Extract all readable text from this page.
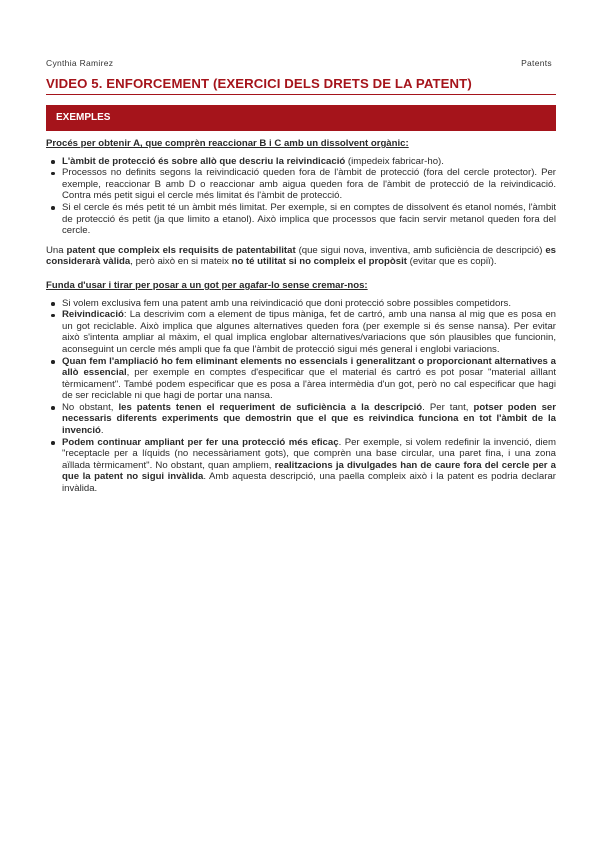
Cynthia Ramirez	Patents
VIDEO 5. ENFORCEMENT (EXERCICI DELS DRETS DE LA PATENT)
EXEMPLES

Procés per obtenir A, que comprèn reaccionar B i C amb un dissolvent orgànic:

L'àmbit de protecció és sobre allò que descriu la reivindicació (impedeix fabricar-ho).
Processos no definits segons la reivindicació queden fora de l'àmbit de protecció (fora del cercle protector). Per exemple, reaccionar B amb D o reaccionar amb aigua queden fora de l'àmbit de protecció de la reivindicació. Contra més petit sigui el cercle més limitat és l'àmbit de protecció.
Si el cercle és més petit té un àmbit més limitat. Per exemple, si en comptes de dissolvent és etanol només, l'àmbit de protecció és petit (ja que limito a etanol). Això implica que processos que facin servir metanol queden fora del cercle.

Una patent que compleix els requisits de patentabilitat (que sigui nova, inventiva, amb suficiència de descripció) es considerarà vàlida, però això en si mateix no té utilitat si no compleix el propòsit (evitar que es copiï).

Funda d'usar i tirar per posar a un got per agafar-lo sense cremar-nos:

Si volem exclusiva fem una patent amb una reivindicació que doni protecció sobre possibles competidors.
Reivindicació: La descrivim com a element de tipus màniga, fet de cartró, amb una nansa al mig que es posa en un got reciclable. Això implica que algunes alternatives queden fora (per exemple si és sense nansa). Per evitar això s'intenta ampliar al màxim, el qual implica englobar alternatives/variacions que són plausibles que funcionin, aconseguint un cercle més ampli que fa que l'àmbit de protecció sigui més general i englobi variacions.
Quan fem l'ampliació ho fem eliminant elements no essencials i generalitzant o proporcionant alternatives a allò essencial, per exemple en comptes d'especificar que el material és cartró es pot posar "material aïllant tèrmicament". També podem especificar que es posa a l'àrea intermèdia d'un got, però no cal especificar que hagi de ser reciclable ni que hagi de portar una nansa.
No obstant, les patents tenen el requeriment de suficiència a la descripció. Per tant, potser poden ser necessaris diferents experiments que demostrin que el que es reivindica funciona en tot l'àmbit de la invenció.
Podem continuar ampliant per fer una protecció més eficaç. Per exemple, si volem redefinir la invenció, diem "receptacle per a líquids (no necessàriament gots), que comprèn una base circular, una paret fina, i una zona aïllada tèrmicament". No obstant, quan ampliem, realitzacions ja divulgades han de caure fora del cercle per a que la patent no sigui invàlida. Amb aquesta descripció, una paella compleix això i la patent es podria declarar invàlida.
